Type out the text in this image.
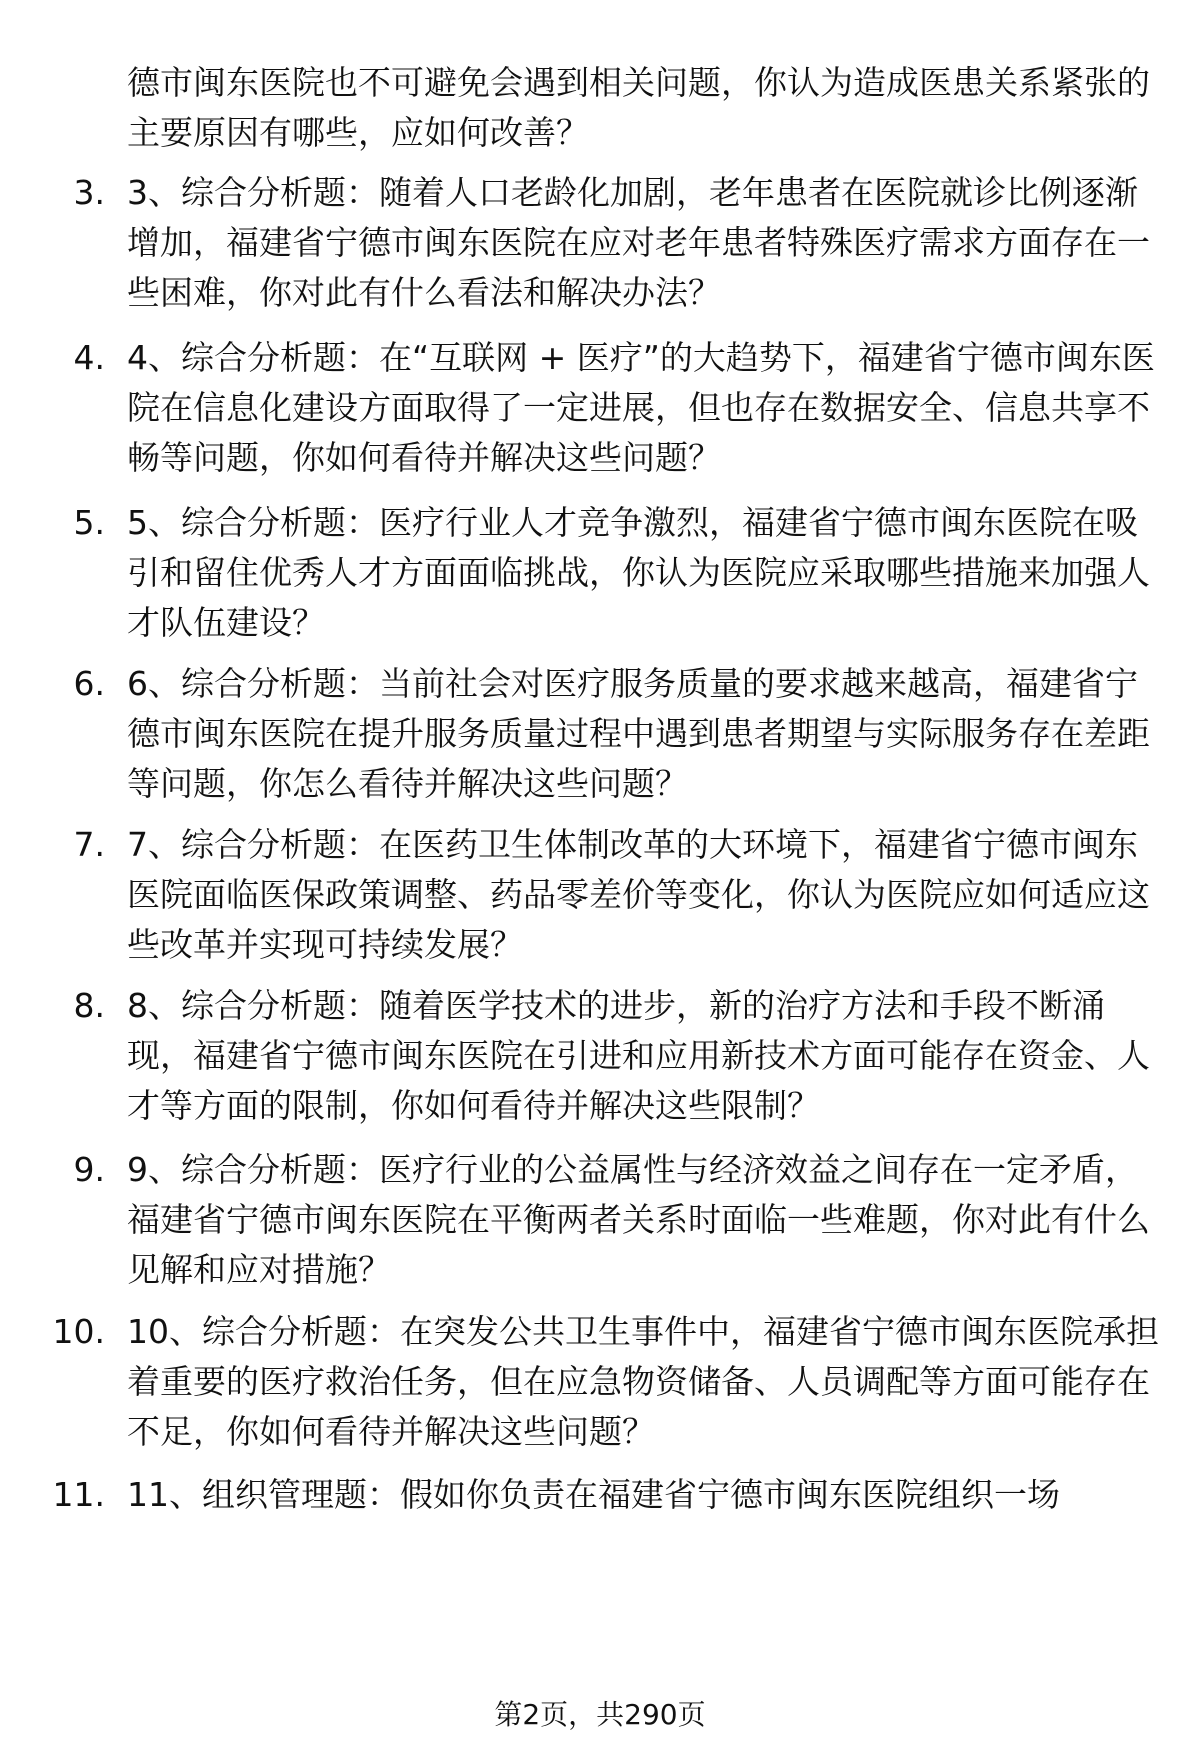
德市闽东医院也不可避免会遇到相关问题，你认为造成医患关系紧张的主要原因有哪些，应如何改善？
3. 3、综合分析题：随着人口老龄化加剧，老年患者在医院就诊比例逐渐增加，福建省宁德市闽东医院在应对老年患者特殊医疗需求方面存在一些困难，你对此有什么看法和解决办法？
4. 4、综合分析题：在“互联网 + 医疗”的大趋势下，福建省宁德市闽东医院在信息化建设方面取得了一定进展，但也存在数据安全、信息共享不畅等问题，你如何看待并解决这些问题？
5. 5、综合分析题：医疗行业人才竞争激烈，福建省宁德市闽东医院在吸引和留住优秀人才方面面临挑战，你认为医院应采取哪些措施来加强人才队伍建设？
6. 6、综合分析题：当前社会对医疗服务质量的要求越来越高，福建省宁德市闽东医院在提升服务质量过程中遇到患者期望与实际服务存在差距等问题，你怎么看待并解决这些问题？
7. 7、综合分析题：在医药卫生体制改革的大环境下，福建省宁德市闽东医院面临医保政策调整、药品零差价等变化，你认为医院应如何适应这些改革并实现可持续发展？
8. 8、综合分析题：随着医学技术的进步，新的治疗方法和手段不断涌现，福建省宁德市闽东医院在引进和应用新技术方面可能存在资金、人才等方面的限制，你如何看待并解决这些限制？
9. 9、综合分析题：医疗行业的公益属性与经济效益之间存在一定矛盾，福建省宁德市闽东医院在平衡两者关系时面临一些难题，你对此有什么见解和应对措施？
10. 10、综合分析题：在突发公共卫生事件中，福建省宁德市闽东医院承担着重要的医疗救治任务，但在应急物资储备、人员调配等方面可能存在不足，你如何看待并解决这些问题？
11. 11、组织管理题：假如你负责在福建省宁德市闽东医院组织一场
第2页，共290页
